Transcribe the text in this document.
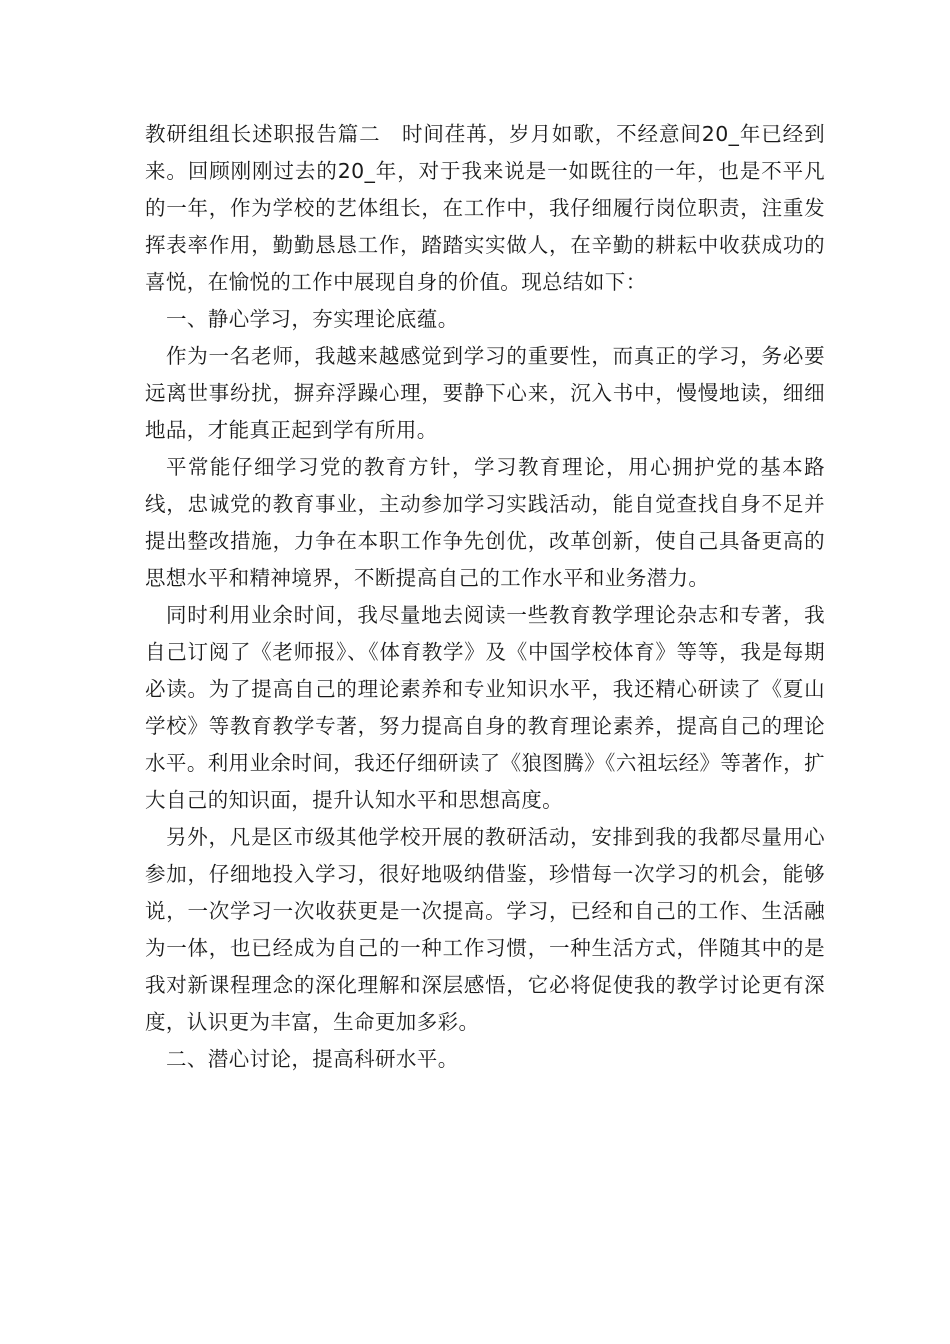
教研组组长述职报告篇二　时间荏苒，岁月如歌，不经意间20_年已经到来。回顾刚刚过去的20_年，对于我来说是一如既往的一年，也是不平凡的一年，作为学校的艺体组长，在工作中，我仔细履行岗位职责，注重发挥表率作用，勤勤恳恳工作，踏踏实实做人，在辛勤的耕耘中收获成功的喜悦，在愉悦的工作中展现自身的价值。现总结如下：

一、静心学习，夯实理论底蕴。

作为一名老师，我越来越感觉到学习的重要性，而真正的学习，务必要远离世事纷扰，摒弃浮躁心理，要静下心来，沉入书中，慢慢地读，细细地品，才能真正起到学有所用。

平常能仔细学习党的教育方针，学习教育理论，用心拥护党的基本路线，忠诚党的教育事业，主动参加学习实践活动，能自觉查找自身不足并提出整改措施，力争在本职工作争先创优，改革创新，使自己具备更高的思想水平和精神境界，不断提高自己的工作水平和业务潜力。

同时利用业余时间，我尽量地去阅读一些教育教学理论杂志和专著，我自己订阅了《老师报》、《体育教学》及《中国学校体育》等等，我是每期必读。为了提高自己的理论素养和专业知识水平，我还精心研读了《夏山学校》等教育教学专著，努力提高自身的教育理论素养，提高自己的理论水平。利用业余时间，我还仔细研读了《狼图腾》《六祖坛经》等著作，扩大自己的知识面，提升认知水平和思想高度。

另外，凡是区市级其他学校开展的教研活动，安排到我的我都尽量用心参加，仔细地投入学习，很好地吸纳借鉴，珍惜每一次学习的机会，能够说，一次学习一次收获更是一次提高。学习，已经和自己的工作、生活融为一体，也已经成为自己的一种工作习惯，一种生活方式，伴随其中的是我对新课程理念的深化理解和深层感悟，它必将促使我的教学讨论更有深度，认识更为丰富，生命更加多彩。

二、潜心讨论，提高科研水平。
